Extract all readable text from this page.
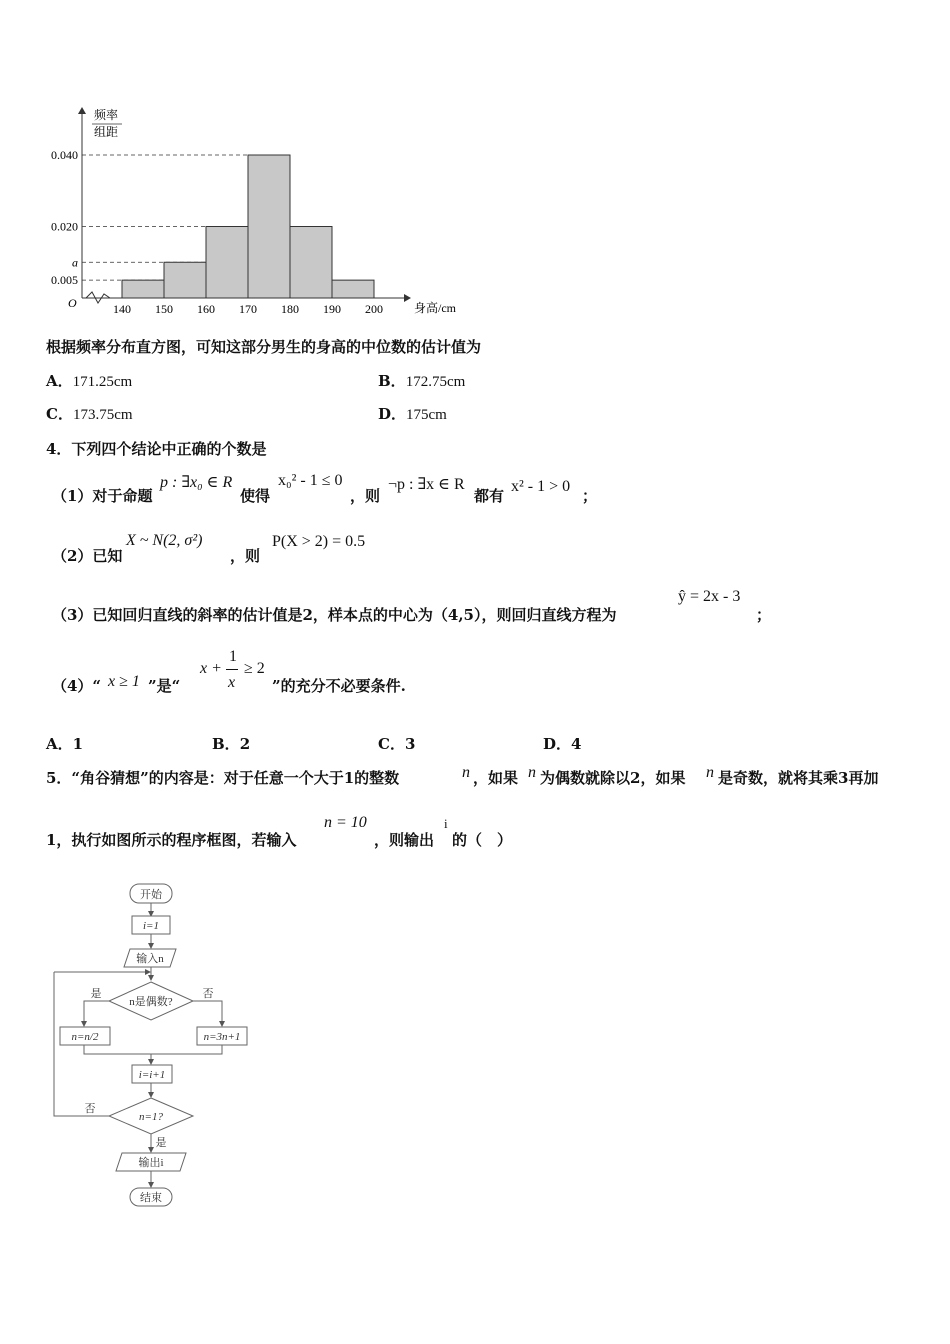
频率
组距
O	身高/cm
0.040
0.020
a
0.005
140 150 160 170 180 190 200
根据频率分布直方图，可知这部分男生的身高的中位数的估计值为
A．171.25cm	B．172.75cm
C．173.75cm	D．175cm
4．下列四个结论中正确的个数是
（1）对于命题
p : ∃x₀ ∈ R
使得
x₀² - 1 ≤ 0
，则
¬p : ∃x ∈ R
都有
x² - 1 > 0
；
（2）已知
X ~ N(2, σ²)
，则
P(X > 2) = 0.5
（3）已知回归直线的斜率的估计值是2，样本点的中心为（4,5），则回归直线方程为
ŷ = 2x - 3
；
（4）“ x ≥ 1 ”是“
x +
1
x
≥ 2
”的充分不必要条件.
A．1	B．2	C．3	D．4
5．“角谷猜想”的内容是：对于任意一个大于1的整数	n ，如果 n 为偶数就除以2，如果 n 是奇数，就将其乘3再加
1，执行如图所示的程序框图，若输入
n = 10
，则输出
i
的（　）
开始
i=1
输入n
n是偶数?
是	否
n=n/2	n=3n+1
i=i+1
n=1?
否
是
输出i
结束
